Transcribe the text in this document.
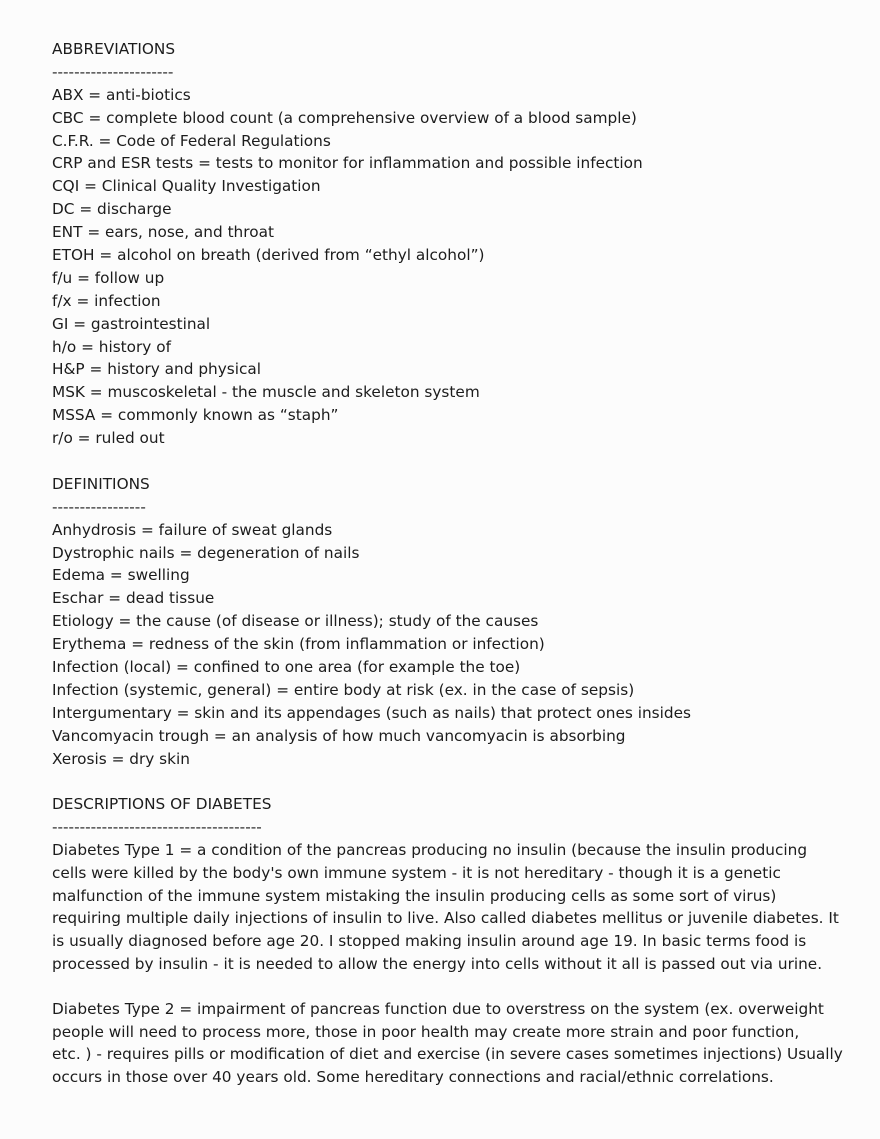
ABBREVIATIONS
----------------------
ABX = anti-biotics
CBC = complete blood count (a comprehensive overview of a blood sample)
C.F.R. = Code of Federal Regulations
CRP and ESR tests = tests to monitor for inflammation and possible infection
CQI = Clinical Quality Investigation
DC = discharge
ENT = ears, nose, and throat
ETOH = alcohol on breath (derived from “ethyl alcohol”)
f/u = follow up
f/x = infection
GI = gastrointestinal
h/o = history of
H&P = history and physical
MSK = muscoskeletal - the muscle and skeleton system
MSSA = commonly known as “staph”
r/o = ruled out
DEFINITIONS
-----------------
Anhydrosis = failure of sweat glands
Dystrophic nails = degeneration of nails
Edema = swelling
Eschar = dead tissue
Etiology = the cause (of disease or illness); study of the causes
Erythema = redness of the skin (from inflammation or infection)
Infection (local) = confined to one area (for example the toe)
Infection (systemic, general) = entire body at risk (ex. in the case of sepsis)
Intergumentary = skin and its appendages (such as nails) that protect ones insides
Vancomyacin trough = an analysis of how much vancomyacin is absorbing
Xerosis = dry skin
DESCRIPTIONS OF DIABETES
--------------------------------------
Diabetes Type 1 = a condition of the pancreas producing no insulin (because the insulin producing
cells were killed by the body's own immune system - it is not hereditary - though it is a genetic
malfunction of the immune system mistaking the insulin producing cells as some sort of virus)
requiring multiple daily injections of insulin to live. Also called diabetes mellitus or juvenile diabetes. It
is usually diagnosed before age 20. I stopped making insulin around age 19. In basic terms food is
processed by insulin - it is needed to allow the energy into cells without it all is passed out via urine.
Diabetes Type 2 = impairment of pancreas function due to overstress on the system (ex. overweight
people will need to process more, those in poor health may create more strain and poor function,
etc. ) - requires pills or modification of diet and exercise (in severe cases sometimes injections) Usually
occurs in those over 40 years old. Some hereditary connections and racial/ethnic correlations.
